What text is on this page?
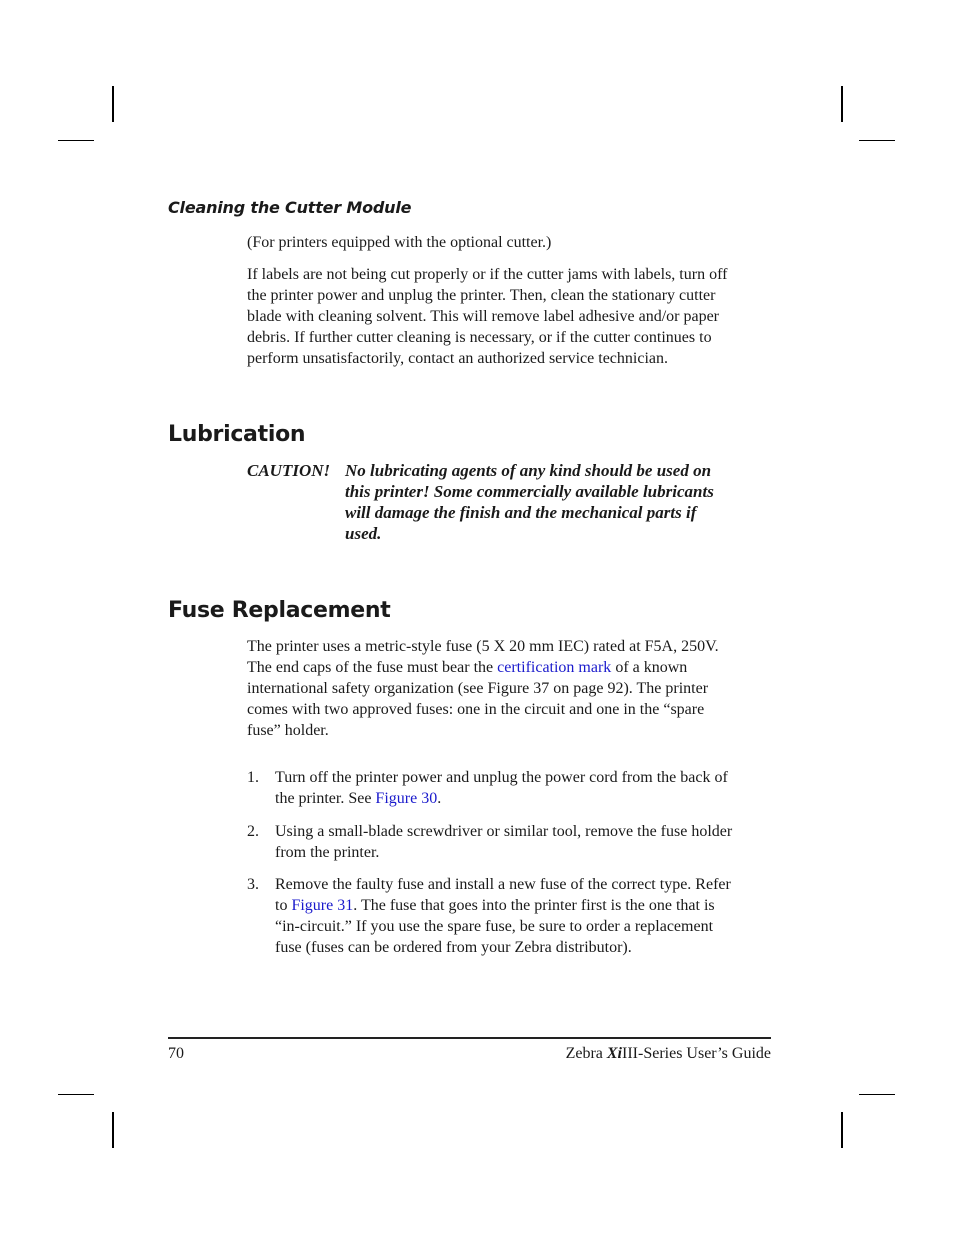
Cleaning the Cutter Module
(For printers equipped with the optional cutter.)
If labels are not being cut properly or if the cutter jams with labels, turn off
the printer power and unplug the printer. Then, clean the stationary cutter
blade with cleaning solvent. This will remove label adhesive and/or paper
debris. If further cutter cleaning is necessary, or if the cutter continues to
perform unsatisfactorily, contact an authorized service technician.
Lubrication
CAUTION! No lubricating agents of any kind should be used on
this printer! Some commercially available lubricants
will damage the finish and the mechanical parts if
used.
Fuse Replacement
The printer uses a metric-style fuse (5 X 20 mm IEC) rated at F5A, 250V.
The end caps of the fuse must bear the certification mark of a known
international safety organization (see Figure 37 on page 92). The printer
comes with two approved fuses: one in the circuit and one in the “spare
fuse” holder.
1. Turn off the printer power and unplug the power cord from the back of
the printer. See Figure 30.
2. Using a small-blade screwdriver or similar tool, remove the fuse holder
from the printer.
3. Remove the faulty fuse and install a new fuse of the correct type. Refer
to Figure 31. The fuse that goes into the printer first is the one that is
“in-circuit.” If you use the spare fuse, be sure to order a replacement
fuse (fuses can be ordered from your Zebra distributor).
70	Zebra XiIII-Series User’s Guide
